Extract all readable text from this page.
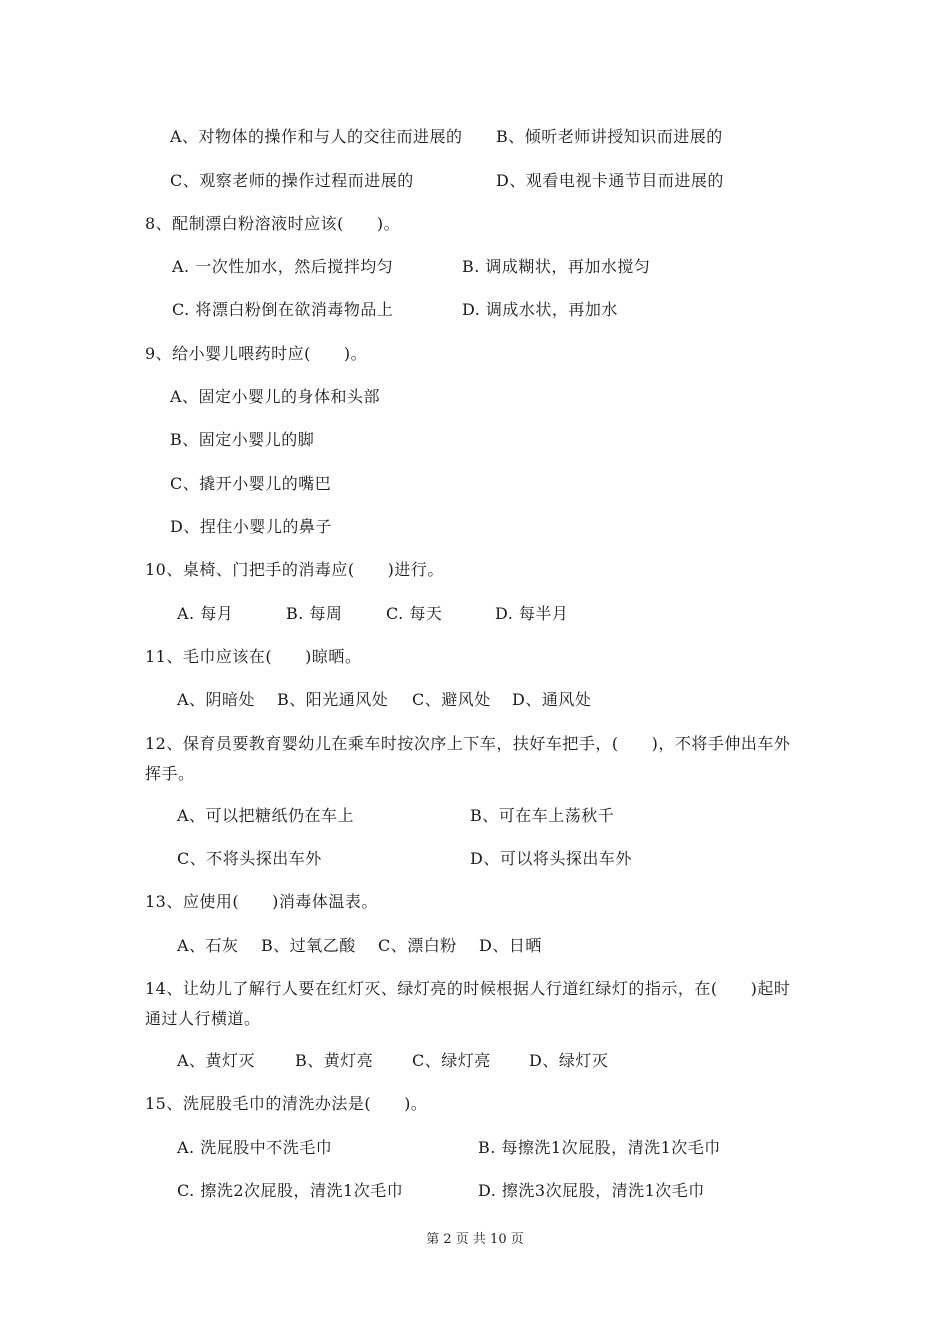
A、对物体的操作和与人的交往而进展的 B、倾听老师讲授知识而进展的
C、观察老师的操作过程而进展的	D、观看电视卡通节目而进展的
8、配制漂白粉溶液时应该(　　)。
A. 一次性加水，然后搅拌均匀	B. 调成糊状，再加水搅匀
C. 将漂白粉倒在欲消毒物品上	D. 调成水状，再加水
9、给小婴儿喂药时应(　　)。
A、固定小婴儿的身体和头部
B、固定小婴儿的脚
C、撬开小婴儿的嘴巴
D、捏住小婴儿的鼻子
10、桌椅、门把手的消毒应(　　)进行。
A. 每月	B. 每周	C. 每天	D. 每半月
11、毛巾应该在(　　)晾晒。
A、阴暗处 B、阳光通风处 C、避风处 D、通风处
12、保育员要教育婴幼儿在乘车时按次序上下车，扶好车把手，(　　)，不将手伸出车外
挥手。
A、可以把糖纸仍在车上	B、可在车上荡秋千
C、不将头探出车外	D、可以将头探出车外
13、应使用(　　)消毒体温表。
A、石灰 B、过氧乙酸 C、漂白粉 D、日晒
14、让幼儿了解行人要在红灯灭、绿灯亮的时候根据人行道红绿灯的指示，在(　　)起时
通过人行横道。
A、黄灯灭 B、黄灯亮 C、绿灯亮 D、绿灯灭
15、洗屁股毛巾的清洗办法是(　　)。
A. 洗屁股中不洗毛巾	B. 每擦洗1次屁股，清洗1次毛巾
C. 擦洗2次屁股，清洗1次毛巾	D. 擦洗3次屁股，清洗1次毛巾
第 2 页 共 10 页
